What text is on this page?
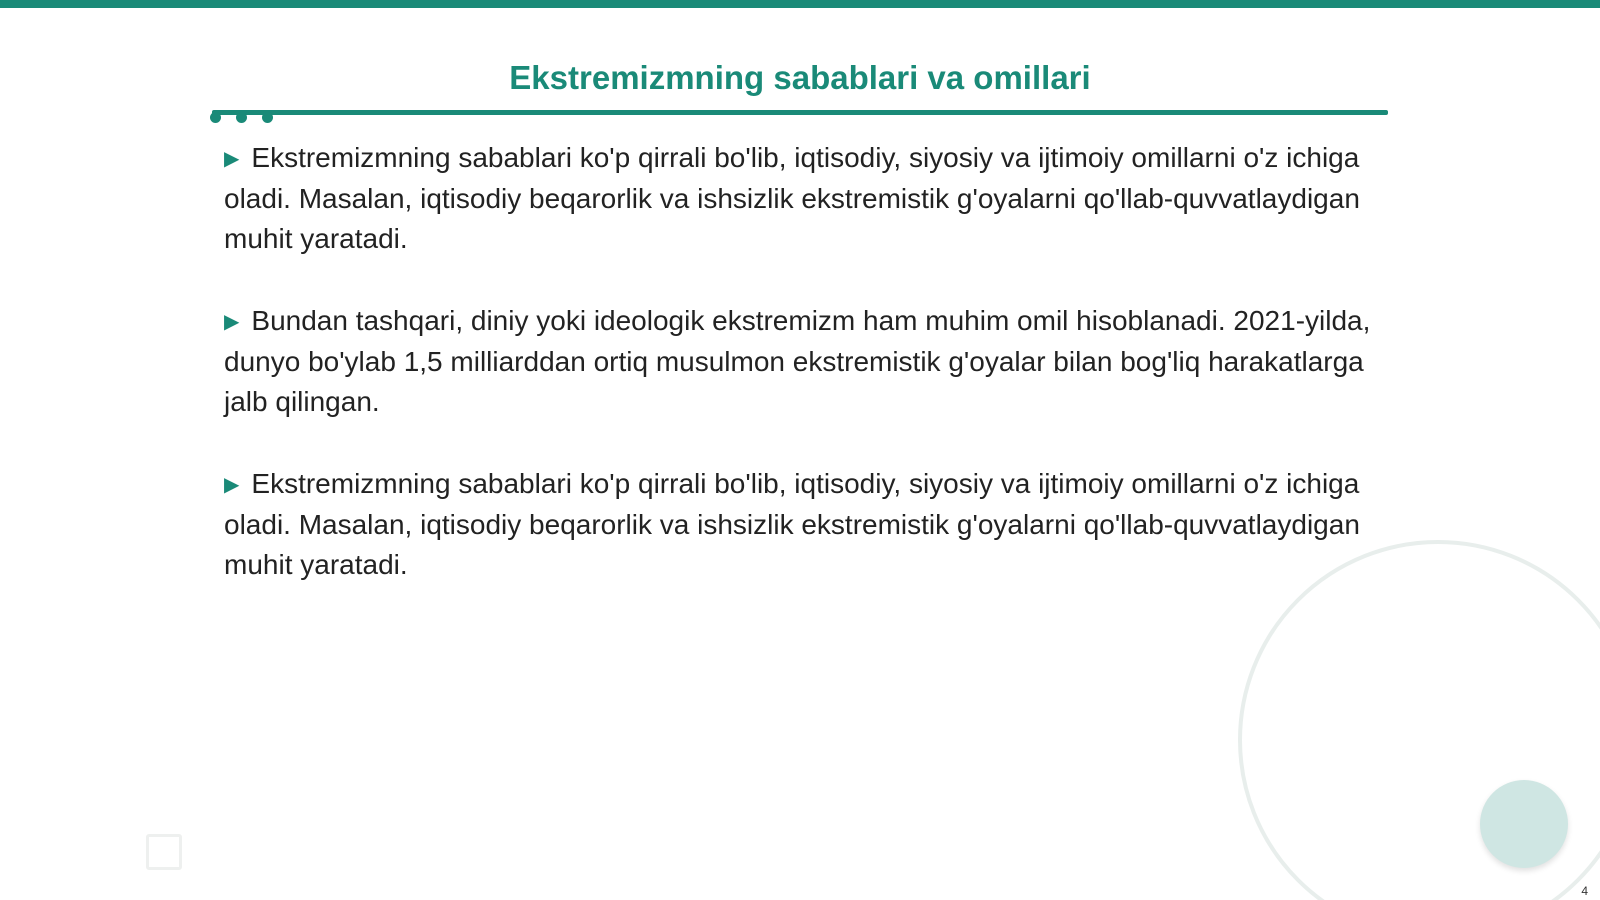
Ekstremizmning sabablari va omillari

▶ Ekstremizmning sabablari ko'p qirrali bo'lib, iqtisodiy, siyosiy va ijtimoiy omillarni o'z ichiga oladi. Masalan, iqtisodiy beqarorlik va ishsizlik ekstremistik g'oyalarni qo'llab-quvvatlaydigan muhit yaratadi.

▶ Bundan tashqari, diniy yoki ideologik ekstremizm ham muhim omil hisoblanadi. 2021-yilda, dunyo bo'ylab 1,5 milliarddan ortiq musulmon ekstremistik g'oyalar bilan bog'liq harakatlarga jalb qilingan.

▶ Ekstremizmning sabablari ko'p qirrali bo'lib, iqtisodiy, siyosiy va ijtimoiy omillarni o'z ichiga oladi. Masalan, iqtisodiy beqarorlik va ishsizlik ekstremistik g'oyalarni qo'llab-quvvatlaydigan muhit yaratadi.

4
